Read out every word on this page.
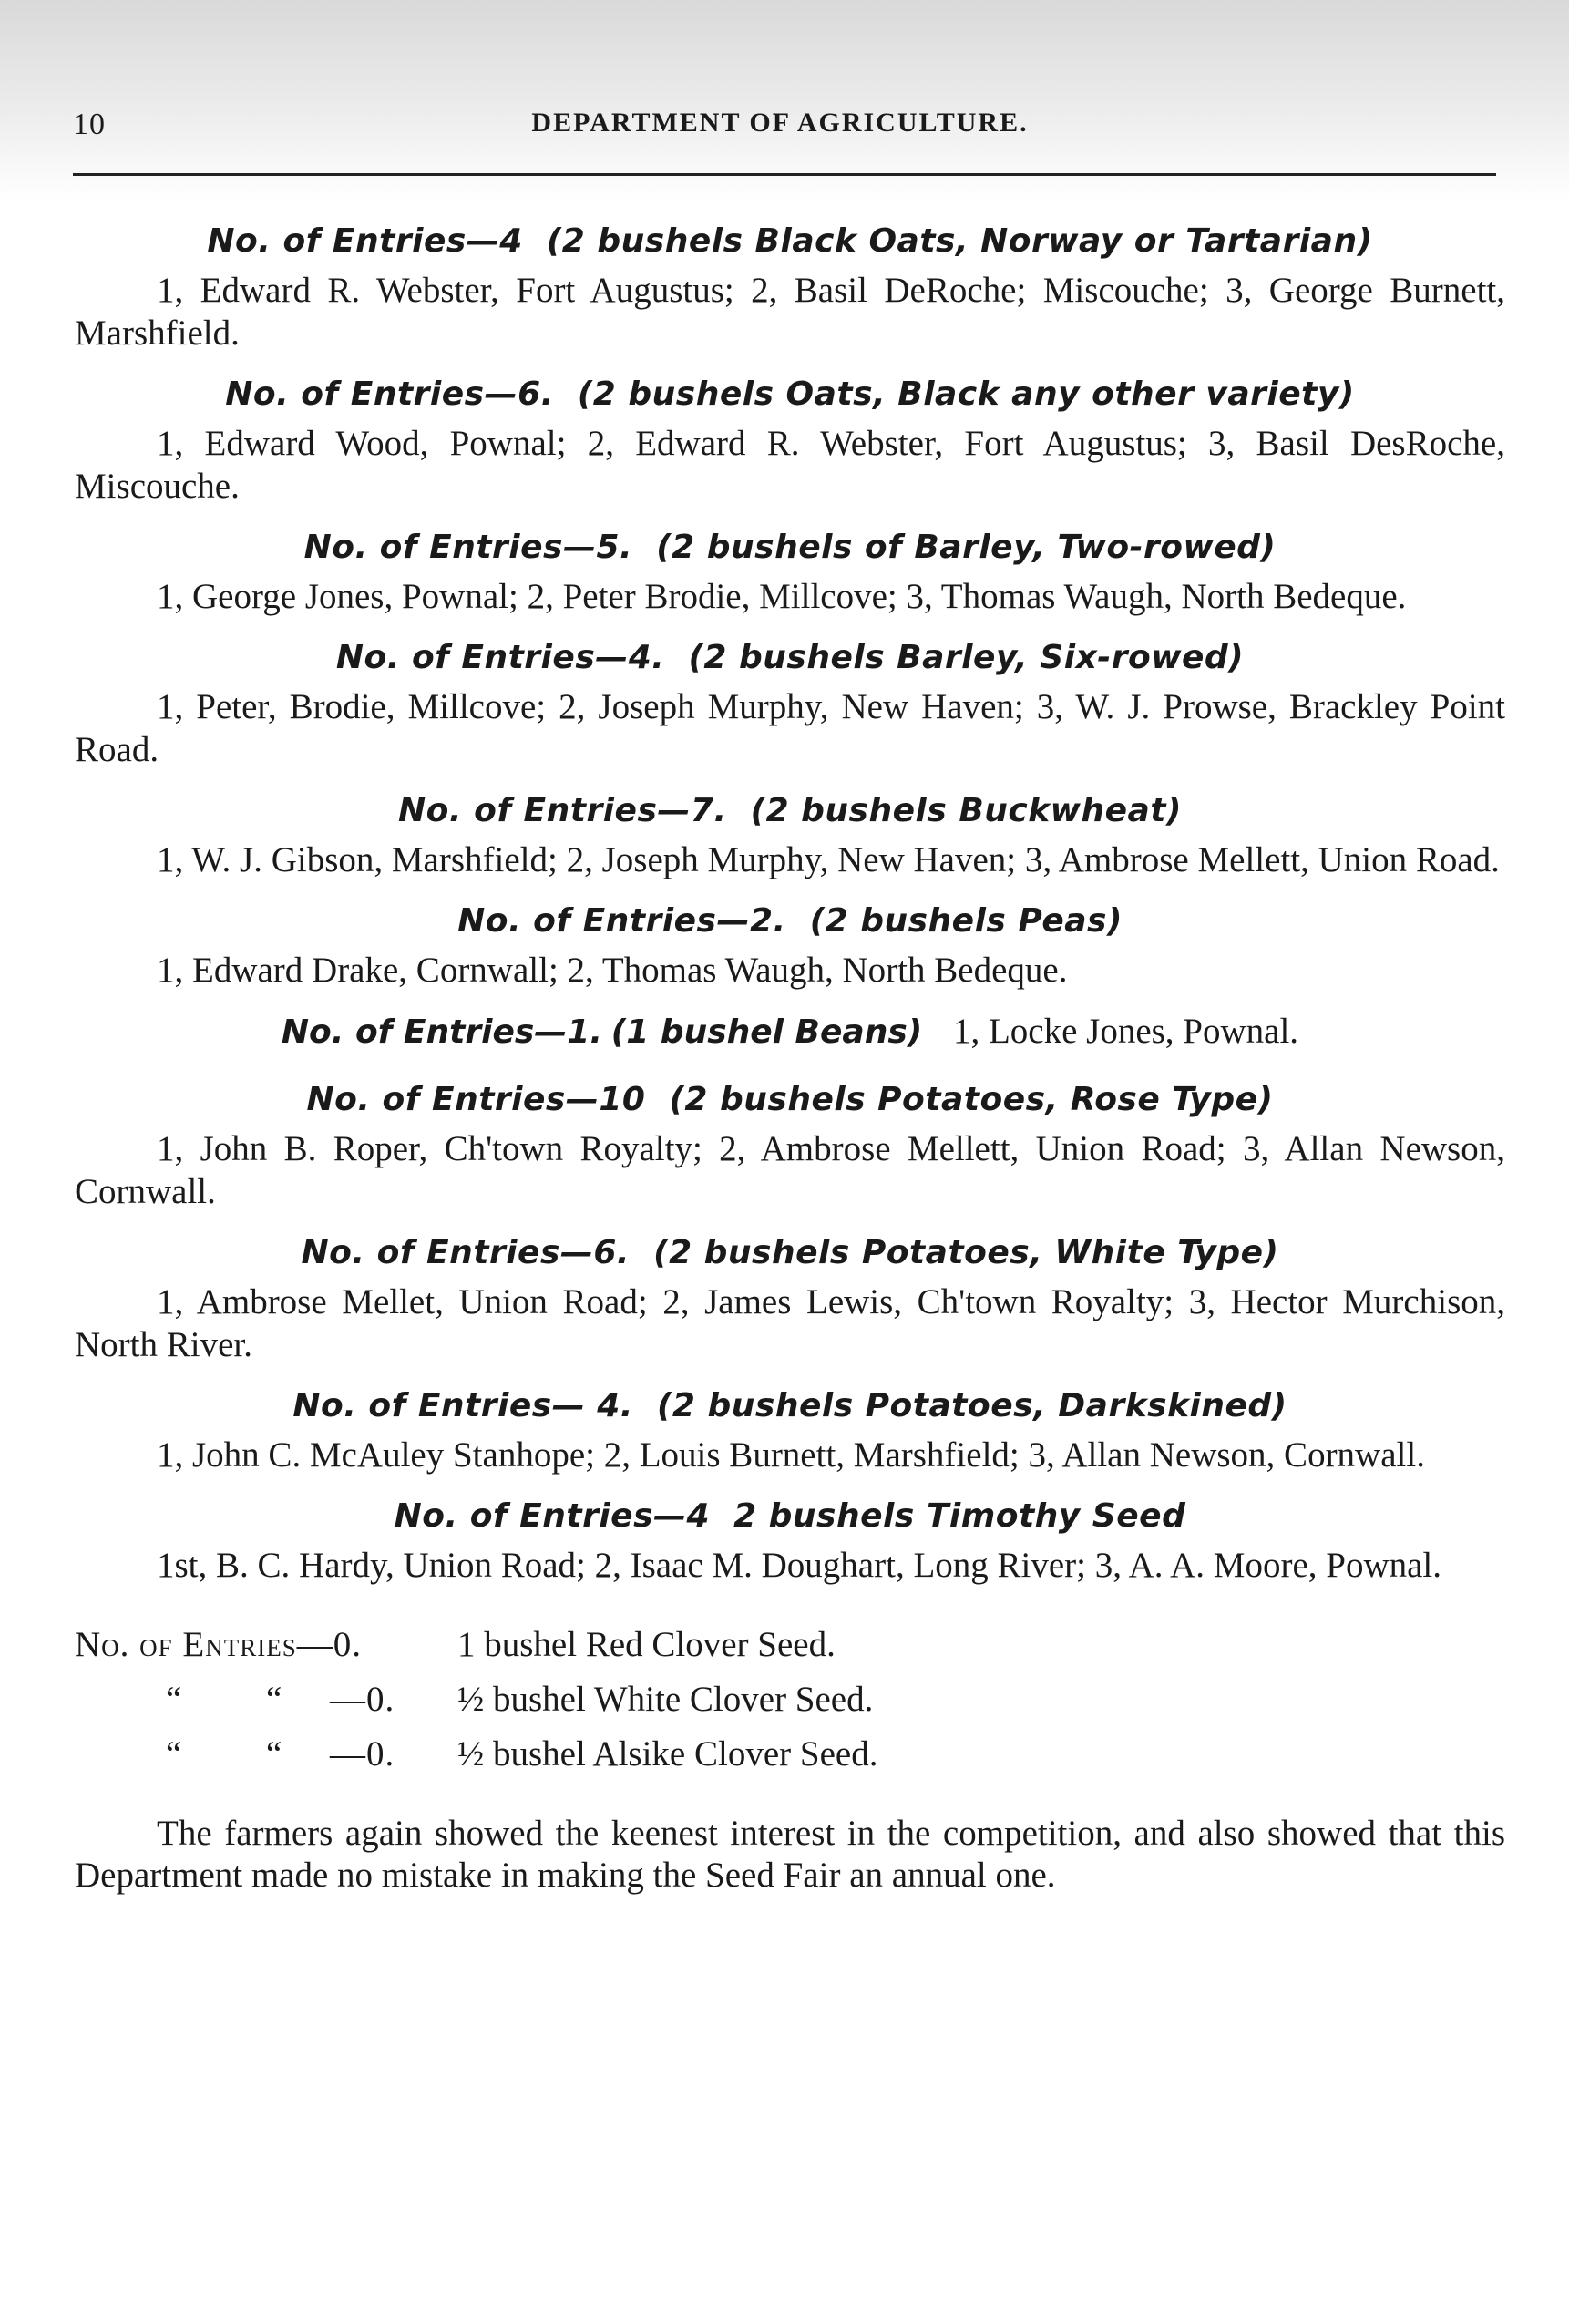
10	DEPARTMENT OF AGRICULTURE.
No. of Entries—4 (2 bushels Black Oats, Norway or Tartarian)
1, Edward R. Webster, Fort Augustus; 2, Basil DeRoche; Miscouche; 3, George Burnett, Marshfield.
No. of Entries—6. (2 bushels Oats, Black any other variety)
1, Edward Wood, Pownal; 2, Edward R. Webster, Fort Augustus; 3, Basil DesRoche, Miscouche.
No. of Entries—5. (2 bushels of Barley, Two-rowed)
1, George Jones, Pownal; 2, Peter Brodie, Millcove; 3, Thomas Waugh, North Bedeque.
No. of Entries—4. (2 bushels Barley, Six-rowed)
1, Peter, Brodie, Millcove; 2, Joseph Murphy, New Haven; 3, W. J. Prowse, Brackley Point Road.
No. of Entries—7. (2 bushels Buckwheat)
1, W. J. Gibson, Marshfield; 2, Joseph Murphy, New Haven; 3, Ambrose Mellett, Union Road.
No. of Entries—2. (2 bushels Peas)
1, Edward Drake, Cornwall; 2, Thomas Waugh, North Bedeque.
No. of Entries—1. (1 bushel Beans) 1, Locke Jones, Pownal.
No. of Entries—10 (2 bushels Potatoes, Rose Type)
1, John B. Roper, Ch'town Royalty; 2, Ambrose Mellett, Union Road; 3, Allan Newson, Cornwall.
No. of Entries—6. (2 bushels Potatoes, White Type)
1, Ambrose Mellet, Union Road; 2, James Lewis, Ch'town Royalty; 3, Hector Murchison, North River.
No. of Entries— 4. (2 bushels Potatoes, Darkskined)
1, John C. McAuley Stanhope; 2, Louis Burnett, Marshfield; 3, Allan Newson, Cornwall.
No. of Entries—4 2 bushels Timothy Seed
1st, B. C. Hardy, Union Road; 2, Isaac M. Doughart, Long River; 3, A. A. Moore, Pownal.
No. of Entries—0.	1 bushel Red Clover Seed.
“ “ —0.	½ bushel White Clover Seed.
“ “ —0.	½ bushel Alsike Clover Seed.
The farmers again showed the keenest interest in the competition, and also showed that this Department made no mistake in making the Seed Fair an annual one.
